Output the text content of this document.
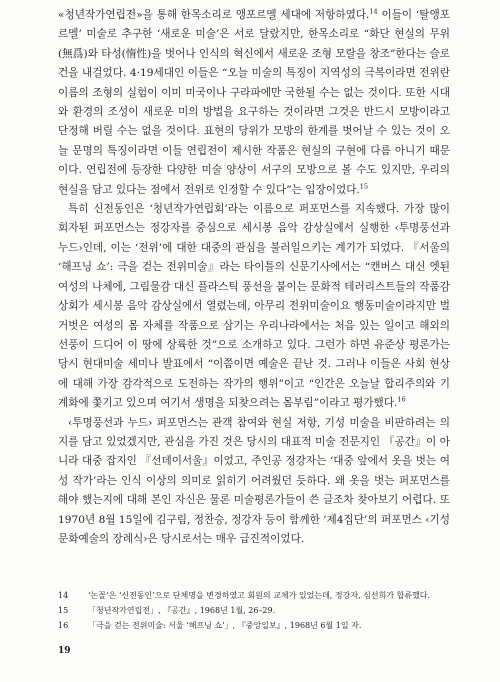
«청년작가연립전»을 통해 한목소리로 앵포르멜 세대에 저항하였다.$^{14}$ 이들이 ‘탈앵포르멜’ 미술로 추구한 ‘새로운 미술’은 서로 달랐지만, 한목소리로 “화단 현실의 무위(無爲)와 타성(惰性)을 벗어나 인식의 혁신에서 새로운 조형 모랄을 창조”한다는 슬로건을 내걸었다. 4·19세대인 이들은 “오늘 미술의 특징이 지역성의 극복이라면 전위란 이름의 조형의 실험이 이미 미국이나 구라파에만 국한될 수는 없는 것이다. 또한 시대와 환경의 조성이 새로운 미의 방법을 요구하는 것이라면 그것은 반드시 모방이라고 단정해 버릴 수는 없을 것이다. 표현의 당위가 모방의 한계를 벗어날 수 있는 것이 오늘 문명의 특징이라면 이들 연립전이 제시한 작품은 현실의 구현에 다름 아니기 때문이다. 연립전에 등장한 다양한 미술 양상이 서구의 모방으로 볼 수도 있지만, 우리의 현실을 담고 있다는 점에서 전위로 인정할 수 있다”는 입장이었다.$^{15}$

특히 신전동인은 ‘청년작가연립회’라는 이름으로 퍼포먼스를 지속했다. 가장 많이 회자된 퍼포먼스는 정강자를 중심으로 세시봉 음악 감상실에서 실행한 ‹투명풍선과 누드›인데, 이는 ‘전위’에 대한 대중의 관심을 불러일으키는 계기가 되었다. 『서울의 ‘해프닝 쇼’: 극을 걷는 전위미술』라는 타이틀의 신문기사에서는 “캔버스 대신 엣된 여성의 나체에, 그림물감 대신 플라스틱 풍선을 붙이는 문화적 테러리스트들의 작품감상회가 세시봉 음악 감상실에서 열렸는데, 아무리 전위미술이요 행동미술이라지만 벌거벗은 여성의 몸 자체를 작품으로 삼기는 우리나라에서는 처음 있는 일이고 해외의 선풍이 드디어 이 땅에 상륙한 것”으로 소개하고 있다. 그런가 하면 유준상 평론가는 당시 현대미술 세미나 발표에서 “이쯤이면 예술은 끝난 것. 그러나 이들은 사회 현상에 대해 가장 감각적으로 도전하는 작가의 행위”이고 “인간은 오늘날 합리주의와 기계화에 쫓기고 있으며 여기서 생명을 되찾으려는 몸부림”이라고 평가했다.$^{16}$

‹투명풍선과 누드› 퍼포먼스는 관객 참여와 현실 저항, 기성 미술을 비판하려는 의지를 담고 있었겠지만, 관심을 가진 것은 당시의 대표적 미술 전문지인 『공간』이 아니라 대중 잡지인 『선데이서울』이었고, 주인공 정강자는 ‘대중 앞에서 옷을 벗는 여성 작가’라는 인식 이상의 의미로 읽히기 어려웠던 듯하다. 왜 옷을 벗는 퍼포먼스를 해야 했는지에 대해 본인 자신은 물론 미술평론가들이 쓴 글조차 찾아보기 어렵다. 또 1970년 8월 15일에 김구림, 정찬승, 정강자 등이 함께한 ‘제4집단’의 퍼포먼스 ‹기성문화예술의 장례식›은 당시로서는 매우 급진적이었다.

14	‘논꼴’은 ‘신전동인’으로 단체명을 변경하였고 회원의 교체가 있었는데, 정강자, 심선희가 합류했다.
15	「청년작가연립전」, 『공간』, 1968년 1월, 26–29.
16	「극을 걷는 전위미술: 서울 ‘해프닝 쇼’」, 『중앙일보』, 1968년 6월 1일 자.
19
